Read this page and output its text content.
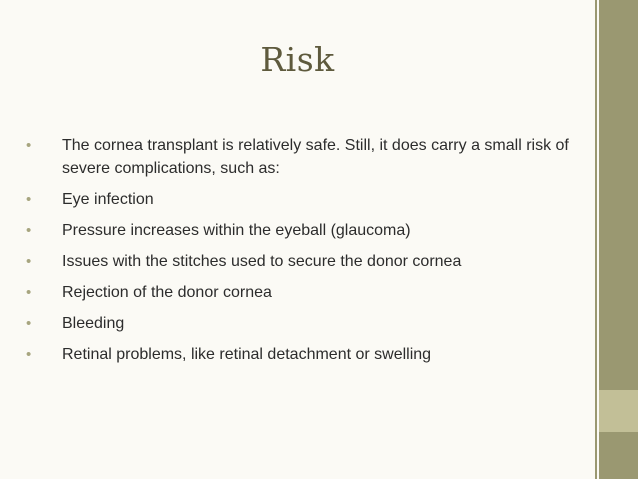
Risk
• The cornea transplant is relatively safe. Still, it does carry a small risk of severe complications, such as:
• Eye infection
• Pressure increases within the eyeball (glaucoma)
• Issues with the stitches used to secure the donor cornea
• Rejection of the donor cornea
• Bleeding
• Retinal problems, like retinal detachment or swelling
